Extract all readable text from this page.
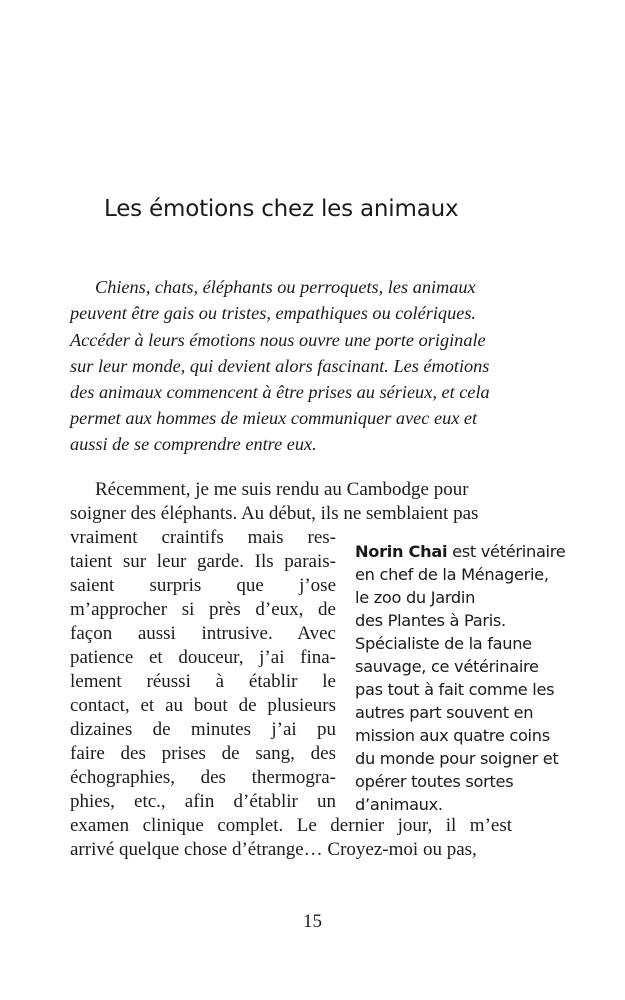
Les émotions chez les animaux
Chiens, chats, éléphants ou perroquets, les animaux
peuvent être gais ou tristes, empathiques ou colériques.
Accéder à leurs émotions nous ouvre une porte originale
sur leur monde, qui devient alors fascinant. Les émotions
des animaux commencent à être prises au sérieux, et cela
permet aux hommes de mieux communiquer avec eux et
aussi de se comprendre entre eux.
Récemment, je me suis rendu au Cambodge pour
soigner des éléphants. Au début, ils ne semblaient pas
vraiment craintifs mais res-
taient sur leur garde. Ils parais-
saient surpris que j’ose
m’approcher si près d’eux, de
façon aussi intrusive. Avec
patience et douceur, j’ai fina-
lement réussi à établir le
contact, et au bout de plusieurs
dizaines de minutes j’ai pu
faire des prises de sang, des
échographies, des thermogra-
phies, etc., afin d’établir un
examen clinique complet. Le dernier jour, il m’est
arrivé quelque chose d’étrange… Croyez-moi ou pas,
Norin Chai est vétérinaire
en chef de la Ménagerie,
le zoo du Jardin
des Plantes à Paris.
Spécialiste de la faune
sauvage, ce vétérinaire
pas tout à fait comme les
autres part souvent en
mission aux quatre coins
du monde pour soigner et
opérer toutes sortes
d’animaux.
15
